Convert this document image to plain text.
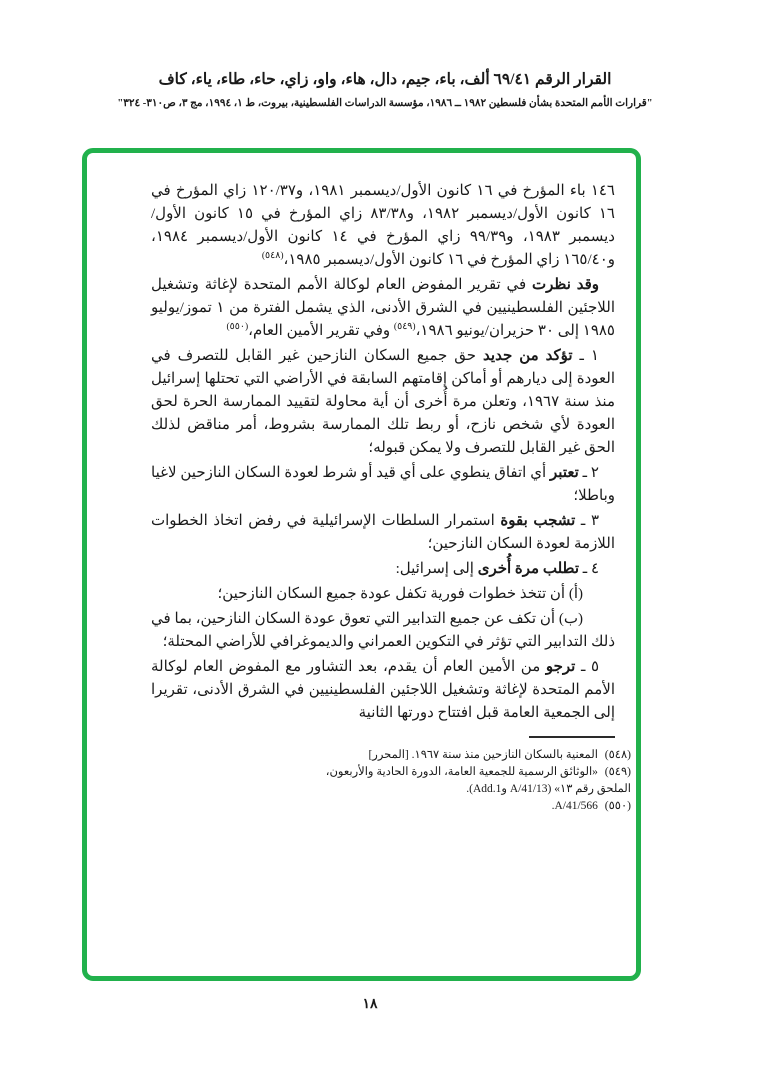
القرار الرقم ٦٩/٤١ ألف، باء، جيم، دال، هاء، واو، زاي، حاء، طاء، ياء، كاف
"قرارات الأمم المتحدة بشأن فلسطين ١٩٨٢ ــ ١٩٨٦، مؤسسة الدراسات الفلسطينية، بيروت، ط ١، ١٩٩٤، مج ٣، ص٣١٠- ٣٢٤"

١٤٦ باء المؤرخ في ١٦ كانون الأول/ديسمبر ١٩٨١، و١٢٠/٣٧ زاي المؤرخ في ١٦ كانون الأول/ديسمبر ١٩٨٢، و٨٣/٣٨ زاي المؤرخ في ١٥ كانون الأول/ديسمبر ١٩٨٣، و٩٩/٣٩ زاي المؤرخ في ١٤ كانون الأول/ديسمبر ١٩٨٤، و١٦٥/٤٠ زاي المؤرخ في ١٦ كانون الأول/ديسمبر ١٩٨٥،$^{(٥٤٨)}$

وقد نظرت في تقرير المفوض العام لوكالة الأمم المتحدة لإغاثة وتشغيل اللاجئين الفلسطينيين في الشرق الأدنى، الذي يشمل الفترة من ١ تموز/يوليو ١٩٨٥ إلى ٣٠ حزيران/يونيو ١٩٨٦،$^{(٥٤٩)}$ وفي تقرير الأمين العام،$^{(٥٥٠)}$

١ ـ تؤكد من جديد حق جميع السكان النازحين غير القابل للتصرف في العودة إلى ديارهم أو أماكن إقامتهم السابقة في الأراضي التي تحتلها إسرائيل منذ سنة ١٩٦٧، وتعلن مرة أُخرى أن أية محاولة لتقييد الممارسة الحرة لحق العودة لأي شخص نازح، أو ربط تلك الممارسة بشروط، أمر مناقض لذلك الحق غير القابل للتصرف ولا يمكن قبوله؛

٢ ـ تعتبر أي اتفاق ينطوي على أي قيد أو شرط لعودة السكان النازحين لاغيا وباطلا؛

٣ ـ تشجب بقوة استمرار السلطات الإسرائيلية في رفض اتخاذ الخطوات اللازمة لعودة السكان النازحين؛

٤ ـ تطلب مرة أُخرى إلى إسرائيل:

(أ) أن تتخذ خطوات فورية تكفل عودة جميع السكان النازحين؛

(ب) أن تكف عن جميع التدابير التي تعوق عودة السكان النازحين، بما في ذلك التدابير التي تؤثر في التكوين العمراني والديموغرافي للأراضي المحتلة؛

٥ ـ ترجو من الأمين العام أن يقدم، بعد التشاور مع المفوض العام لوكالة الأمم المتحدة لإغاثة وتشغيل اللاجئين الفلسطينيين في الشرق الأدنى، تقريرا إلى الجمعية العامة قبل افتتاح دورتها الثانية

(٥٤٨) المعنية بالسكان النازحين منذ سنة ١٩٦٧. [المحرر]

(٥٤٩) «الوثائق الرسمية للجمعية العامة، الدورة الحادية والأربعون، الملحق رقم ١٣» (A/41/13 وAdd.1).

(٥٥٠) A/41/566.

١٨
